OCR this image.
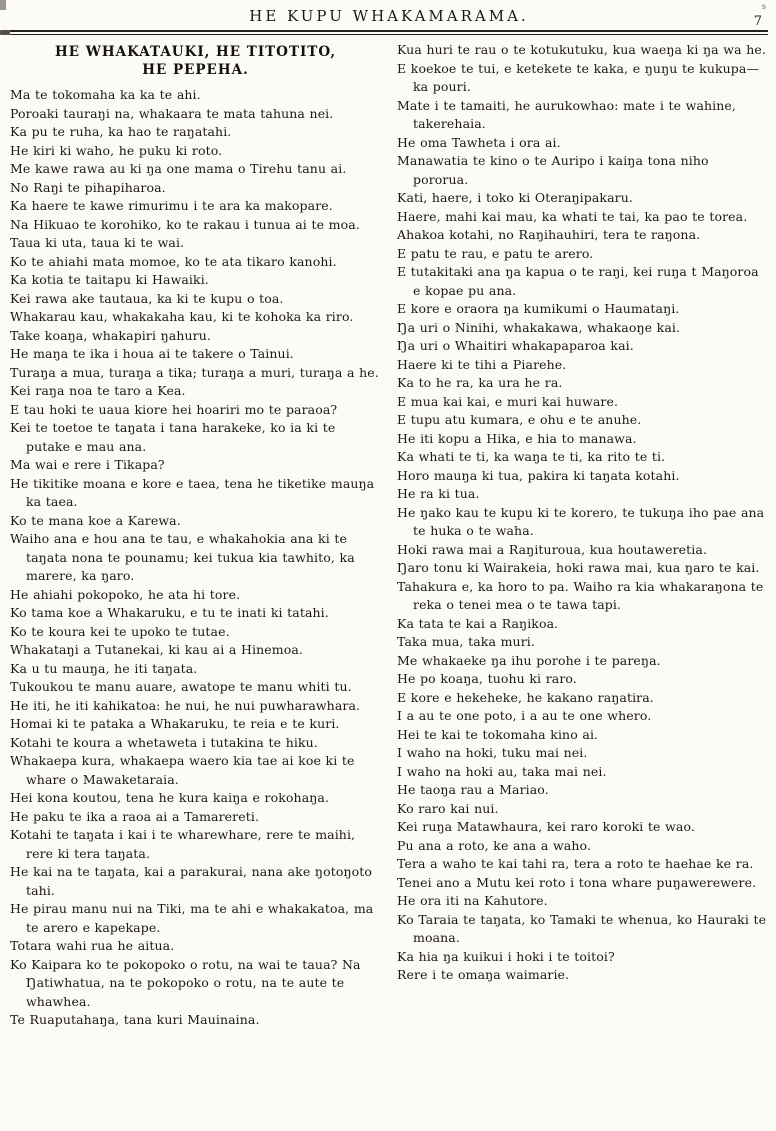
s
HE KUPU WHAKAMARAMA.	7
HE WHAKATAUKI, HE TITOTITO,
HE PEPEHA.

Ma te tokomaha ka ka te ahi.

Poroaki tauraŋi na, whakaara te mata tahuna nei.

Ka pu te ruha, ka hao te raŋatahi.

He kiri ki waho, he puku ki roto.

Me kawe rawa au ki ŋa one mama o Tirehu tanu ai.

No Raŋi te pihapiharoa.

Ka haere te kawe rimurimu i te ara ka makopare.

Na Hikuao te korohiko, ko te rakau i tunua ai te moa.

Taua ki uta, taua ki te wai.

Ko te ahiahi mata momoe, ko te ata tikaro kanohi.

Ka kotia te taitapu ki Hawaiki.

Kei rawa ake tautaua, ka ki te kupu o toa.

Whakarau kau, whakakaha kau, ki te kohoka ka riro.

Take koaŋa, whakapiri ŋahuru.

He maŋa te ika i houa ai te takere o Tainui.

Turaŋa a mua, turaŋa a tika; turaŋa a muri, turaŋa a he.

Kei raŋa noa te taro a Kea.

E tau hoki te uaua kiore hei hoariri mo te paraoa?

Kei te toetoe te taŋata i tana harakeke, ko ia ki te putake e mau ana.

Ma wai e rere i Tikapa?

He tikitike moana e kore e taea, tena he tiketike mauŋa ka taea.

Ko te mana koe a Karewa.

Waiho ana e hou ana te tau, e whakahokia ana ki te taŋata nona te pounamu; kei tukua kia tawhito, ka marere, ka ŋaro.

He ahiahi pokopoko, he ata hi tore.

Ko tama koe a Whakaruku, e tu te inati ki tatahi.

Ko te koura kei te upoko te tutae.

Whakataŋi a Tutanekai, ki kau ai a Hinemoa.

Ka u tu mauŋa, he iti taŋata.

Tukoukou te manu auare, awatope te manu whiti tu.

He iti, he iti kahikatoa: he nui, he nui puwharawhara.

Homai ki te pataka a Whakaruku, te reia e te kuri.

Kotahi te koura a whetaweta i tutakina te hiku.

Whakaepa kura, whakaepa waero kia tae ai koe ki te whare o Mawaketaraia.

Hei kona koutou, tena he kura kaiŋa e rokohaŋa.

He paku te ika a raoa ai a Tamarereti.

Kotahi te taŋata i kai i te wharewhare, rere te maihi, rere ki tera taŋata.

He kai na te taŋata, kai a parakurai, nana ake ŋotoŋoto tahi.

He pirau manu nui na Tiki, ma te ahi e whakakatoa, ma te arero e kapekape.

Totara wahi rua he aitua.

Ko Kaipara ko te pokopoko o rotu, na wai te taua? Na Ŋatiwhatua, na te pokopoko o rotu, na te aute te whawhea.

Te Ruaputahaŋa, tana kuri Mauinaina.

Kua huri te rau o te kotukutuku, kua waeŋa ki ŋa wa he.

E koekoe te tui, e ketekete te kaka, e ŋuŋu te kukupa—ka pouri.

Mate i te tamaiti, he aurukowhao: mate i te wahine, takerehaia.

He oma Tawheta i ora ai.

Manawatia te kino o te Auripo i kaiŋa tona niho pororua.

Kati, haere, i toko ki Oteraŋipakaru.

Haere, mahi kai mau, ka whati te tai, ka pao te torea.

Ahakoa kotahi, no Raŋihauhiri, tera te raŋona.

E patu te rau, e patu te arero.

E tutakitaki ana ŋa kapua o te raŋi, kei ruŋa t Maŋoroa e kopae pu ana.

E kore e oraora ŋa kumikumi o Haumataŋi.

Ŋa uri o Ninihi, whakakawa, whakaoŋe kai.

Ŋa uri o Whaitiri whakapaparoa kai.

Haere ki te tihi a Piarehe.

Ka to he ra, ka ura he ra.

E mua kai kai, e muri kai huware.

E tupu atu kumara, e ohu e te anuhe.

He iti kopu a Hika, e hia to manawa.

Ka whati te ti, ka waŋa te ti, ka rito te ti.

Horo mauŋa ki tua, pakira ki taŋata kotahi.

He ra ki tua.

He ŋako kau te kupu ki te korero, te tukuŋa iho pae ana te huka o te waha.

Hoki rawa mai a Raŋituroua, kua houtaweretia.

Ŋaro tonu ki Wairakeia, hoki rawa mai, kua ŋaro te kai.

Tahakura e, ka horo to pa. Waiho ra kia whakaraŋona te reka o tenei mea o te tawa tapi.

Ka tata te kai a Raŋikoa.

Taka mua, taka muri.

Me whakaeke ŋa ihu porohe i te pareŋa.

He po koaŋa, tuohu ki raro.

E kore e hekeheke, he kakano raŋatira.

I a au te one poto, i a au te one whero.

Hei te kai te tokomaha kino ai.

I waho na hoki, tuku mai nei.

I waho na hoki au, taka mai nei.

He taoŋa rau a Mariao.

Ko raro kai nui.

Kei ruŋa Matawhaura, kei raro koroki te wao.

Pu ana a roto, ke ana a waho.

Tera a waho te kai tahi ra, tera a roto te haehae ke ra.

Tenei ano a Mutu kei roto i tona whare puŋawerewere.

He ora iti na Kahutore.

Ko Taraia te taŋata, ko Tamaki te whenua, ko Hauraki te moana.

Ka hia ŋa kuikui i hoki i te toitoi?

Rere i te omaŋa waimarie.
